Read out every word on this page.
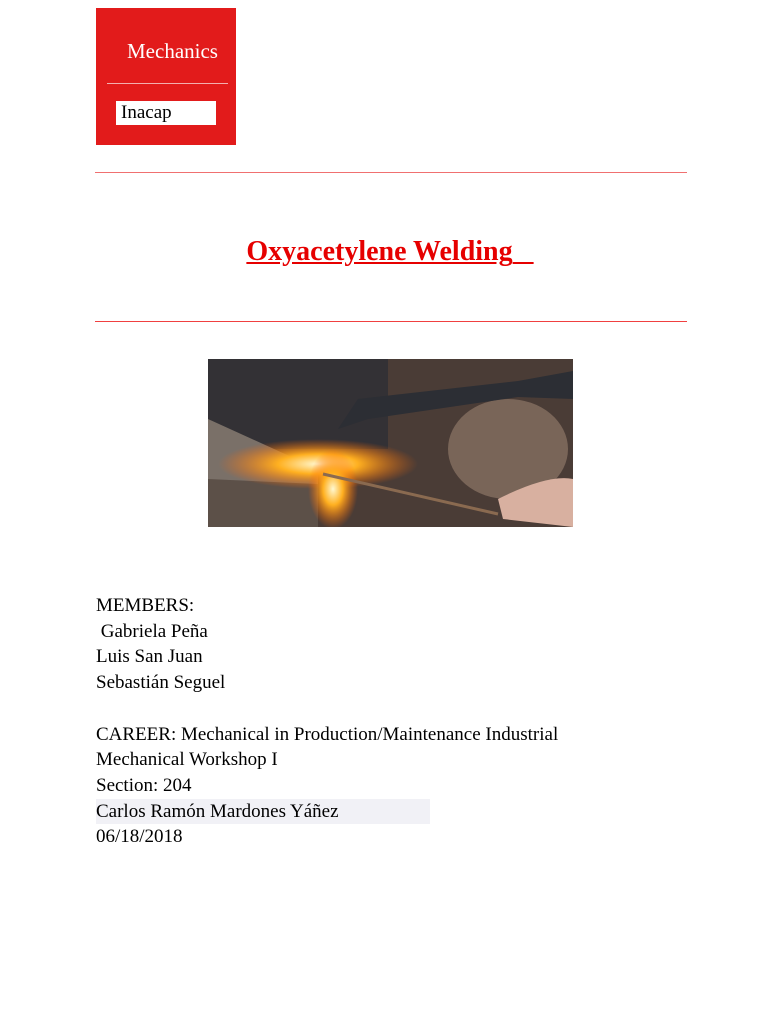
Mechanics
Inacap
Oxyacetylene Welding
MEMBERS:
Gabriela Peña
Luis San Juan
Sebastián Seguel

CAREER: Mechanical in Production/Maintenance Industrial
Mechanical Workshop I
Section: 204
Carlos Ramón Mardones Yáñez
06/18/2018
